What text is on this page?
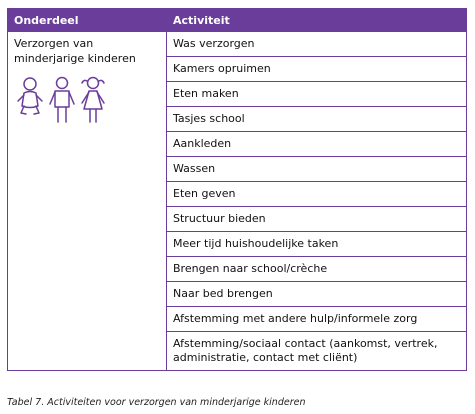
Onderdeel	Activiteit

Verzorgen van minderjarige kinderen	Was verzorgen
	Kamers opruimen
	Eten maken
	Tasjes school
	Aankleden
	Wassen
	Eten geven
	Structuur bieden
	Meer tijd huishoudelijke taken
	Brengen naar school/crèche
	Naar bed brengen
	Afstemming met andere hulp/informele zorg
	Afstemming/sociaal contact (aankomst, vertrek, administratie, contact met cliënt)
Tabel 7. Activiteiten voor verzorgen van minderjarige kinderen
